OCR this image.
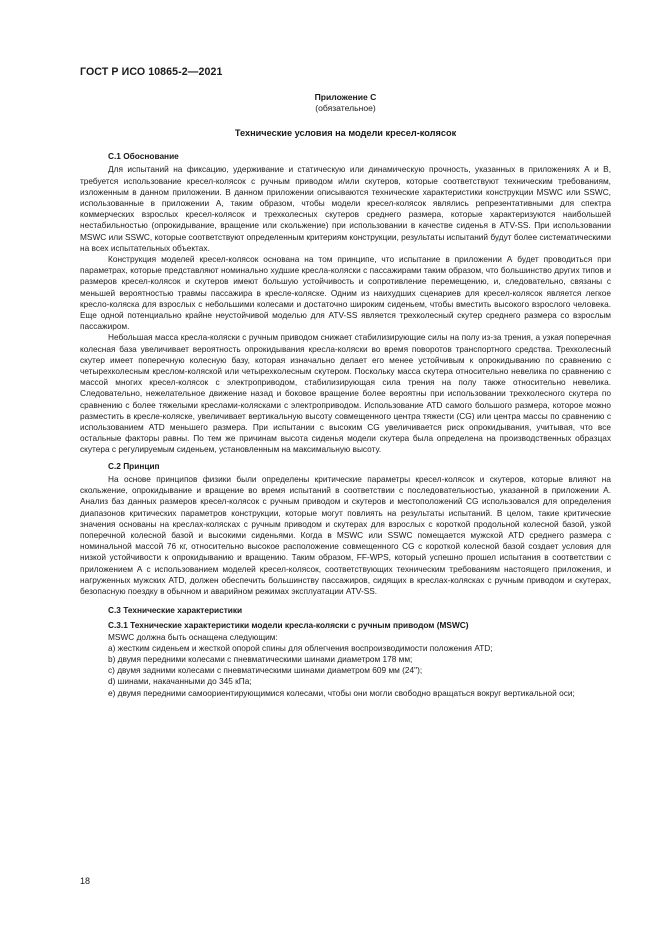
ГОСТ Р ИСО 10865-2—2021
Приложение С
(обязательное)
Технические условия на модели кресел-колясок
С.1 Обоснование

Для испытаний на фиксацию, удерживание и статическую или динамическую прочность, указанных в приложениях А и В, требуется использование кресел-колясок с ручным приводом и/или скутеров, которые соответствуют техническим требованиям, изложенным в данном приложении. В данном приложении описываются технические характеристики конструкции MSWC или SSWC, использованные в приложении А, таким образом, чтобы модели кресел-колясок являлись репрезентативными для спектра коммерческих взрослых кресел-колясок и трехколесных скутеров среднего размера, которые характеризуются наибольшей нестабильностью (опрокидывание, вращение или скольжение) при использовании в качестве сиденья в ATV-SS. При использовании MSWC или SSWC, которые соответствуют определенным критериям конструкции, результаты испытаний будут более систематическими на всех испытательных объектах.

Конструкция моделей кресел-колясок основана на том принципе, что испытание в приложении А будет проводиться при параметрах, которые представляют номинально худшие кресла-коляски с пассажирами таким образом, что большинство других типов и размеров кресел-колясок и скутеров имеют большую устойчивость и сопротивление перемещению, и, следовательно, связаны с меньшей вероятностью травмы пассажира в кресле-коляске. Одним из наихудших сценариев для кресел-колясок является легкое кресло-коляска для взрослых с небольшими колесами и достаточно широким сиденьем, чтобы вместить высокого взрослого человека. Еще одной потенциально крайне неустойчивой моделью для ATV-SS является трехколесный скутер среднего размера со взрослым пассажиром.

Небольшая масса кресла-коляски с ручным приводом снижает стабилизирующие силы на полу из-за трения, а узкая поперечная колесная база увеличивает вероятность опрокидывания кресла-коляски во время поворотов транспортного средства. Трехколесный скутер имеет поперечную колесную базу, которая изначально делает его менее устойчивым к опрокидыванию по сравнению с четырехколесным креслом-коляской или четырехколесным скутером. Поскольку масса скутера относительно невелика по сравнению с массой многих кресел-колясок с электроприводом, стабилизирующая сила трения на полу также относительно невелика. Следовательно, нежелательное движение назад и боковое вращение более вероятны при использовании трехколесного скутера по сравнению с более тяжелыми креслами-колясками с электроприводом. Использование ATD самого большого размера, которое можно разместить в кресле-коляске, увеличивает вертикальную высоту совмещенного центра тяжести (CG) или центра массы по сравнению с использованием ATD меньшего размера. При испытании с высоким CG увеличивается риск опрокидывания, учитывая, что все остальные факторы равны. По тем же причинам высота сиденья модели скутера была определена на производственных образцах скутера с регулируемым сиденьем, установленным на максимальную высоту.

С.2 Принцип

На основе принципов физики были определены критические параметры кресел-колясок и скутеров, которые влияют на скольжение, опрокидывание и вращение во время испытаний в соответствии с последовательностью, указанной в приложении А. Анализ баз данных размеров кресел-колясок с ручным приводом и скутеров и местоположений CG использовался для определения диапазонов критических параметров конструкции, которые могут повлиять на результаты испытаний. В целом, такие критические значения основаны на креслах-колясках с ручным приводом и скутерах для взрослых с короткой продольной колесной базой, узкой поперечной колесной базой и высокими сиденьями. Когда в MSWC или SSWC помещается мужской ATD среднего размера с номинальной массой 76 кг, относительно высокое расположение совмещенного CG с короткой колесной базой создает условия для низкой устойчивости к опрокидыванию и вращению. Таким образом, FF-WPS, который успешно прошел испытания в соответствии с приложением А с использованием моделей кресел-колясок, соответствующих техническим требованиям настоящего приложения, и нагруженных мужских ATD, должен обеспечить большинству пассажиров, сидящих в креслах-колясках с ручным приводом и скутерах, безопасную поездку в обычном и аварийном режимах эксплуатации ATV-SS.

С.3 Технические характеристики
С.3.1 Технические характеристики модели кресла-коляски с ручным приводом (MSWC)

MSWC должна быть оснащена следующим:

а) жестким сиденьем и жесткой опорой спины для облегчения воспроизводимости положения ATD;
b) двумя передними колесами с пневматическими шинами диаметром 178 мм;
с) двумя задними колесами с пневматическими шинами диаметром 609 мм (24");
d) шинами, накачанными до 345 кПа;
е) двумя передними самоориентирующимися колесами, чтобы они могли свободно вращаться вокруг вертикальной оси;
18
